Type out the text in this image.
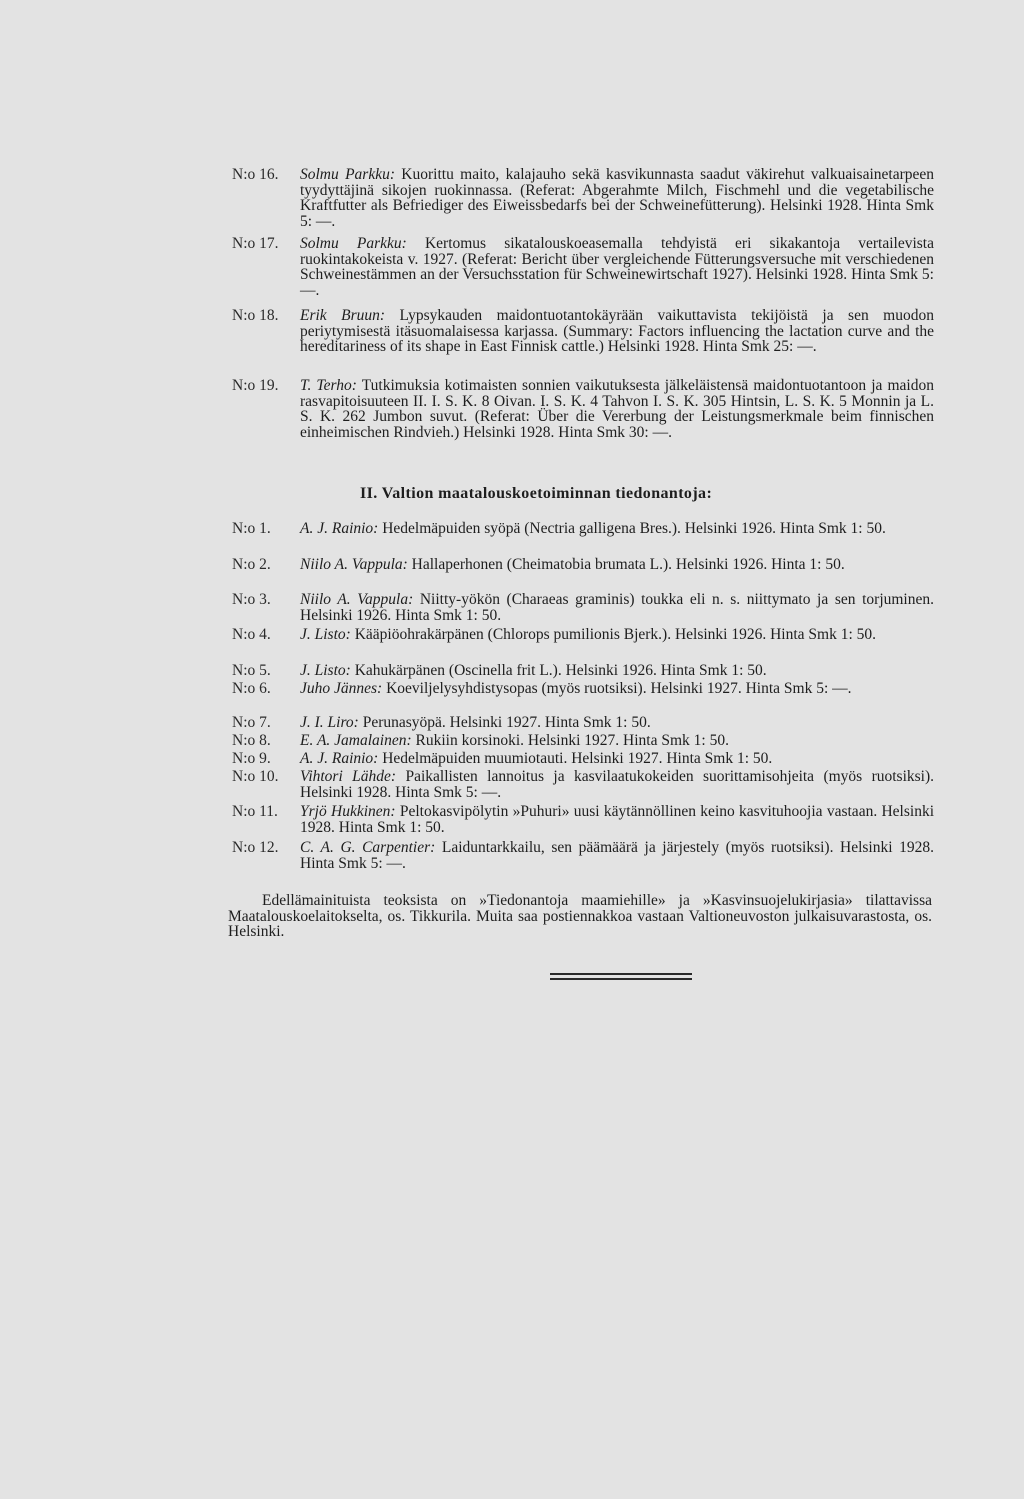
N:o 16.	Solmu Parkku: Kuorittu maito, kalajauho sekä kasvikunnasta saadut väkirehut valkuaisainetarpeen tyydyttäjinä sikojen ruokinnassa. (Referat: Abgerahmte Milch, Fischmehl und die vegetabilische Kraftfutter als Befriediger des Eiweissbedarfs bei der Schweinefütterung). Helsinki 1928. Hinta Smk 5: —.
N:o 17.	Solmu Parkku: Kertomus sikatalouskoeasemalla tehdyistä eri sikakantoja vertailevista ruokintakokeista v. 1927. (Referat: Bericht über vergleichende Fütterungsversuche mit verschiedenen Schweinestämmen an der Versuchsstation für Schweinewirtschaft 1927). Helsinki 1928. Hinta Smk 5: —.
N:o 18.	Erik Bruun: Lypsykauden maidontuotantokäyrään vaikuttavista tekijöistä ja sen muodon periytymisestä itäsuomalaisessa karjassa. (Summary: Factors influencing the lactation curve and the hereditariness of its shape in East Finnisk cattle.) Helsinki 1928. Hinta Smk 25: —.
N:o 19.	T. Terho: Tutkimuksia kotimaisten sonnien vaikutuksesta jälkeläistensä maidontuotantoon ja maidon rasvapitoisuuteen II. I. S. K. 8 Oivan. I. S. K. 4 Tahvon I. S. K. 305 Hintsin, L. S. K. 5 Monnin ja L. S. K. 262 Jumbon suvut. (Referat: Über die Vererbung der Leistungsmerkmale beim finnischen einheimischen Rindvieh.) Helsinki 1928. Hinta Smk 30: —.
II. Valtion maatalouskoetoiminnan tiedonantoja:
N:o 1.	A. J. Rainio: Hedelmäpuiden syöpä (Nectria galligena Bres.). Helsinki 1926. Hinta Smk 1: 50.
N:o 2.	Niilo A. Vappula: Hallaperhonen (Cheimatobia brumata L.). Helsinki 1926. Hinta 1: 50.
N:o 3.	Niilo A. Vappula: Niitty-yökön (Charaeas graminis) toukka eli n. s. niittymato ja sen torjuminen. Helsinki 1926. Hinta Smk 1: 50.
N:o 4.	J. Listo: Kääpiöohrakärpänen (Chlorops pumilionis Bjerk.). Helsinki 1926. Hinta Smk 1: 50.
N:o 5.	J. Listo: Kahukärpänen (Oscinella frit L.). Helsinki 1926. Hinta Smk 1: 50.
N:o 6.	Juho Jännes: Koeviljelysyhdistysopas (myös ruotsiksi). Helsinki 1927. Hinta Smk 5: —.
N:o 7.	J. I. Liro: Perunasyöpä. Helsinki 1927. Hinta Smk 1: 50.
N:o 8.	E. A. Jamalainen: Rukiin korsinoki. Helsinki 1927. Hinta Smk 1: 50.
N:o 9.	A. J. Rainio: Hedelmäpuiden muumiotauti. Helsinki 1927. Hinta Smk 1: 50.
N:o 10.	Vihtori Lähde: Paikallisten lannoitus ja kasvilaatukokeiden suorittamisohjeita (myös ruotsiksi). Helsinki 1928. Hinta Smk 5: —.
N:o 11.	Yrjö Hukkinen: Peltokasvipölytin »Puhuri» uusi käytännöllinen keino kasvituhoojia vastaan. Helsinki 1928. Hinta Smk 1: 50.
N:o 12.	C. A. G. Carpentier: Laiduntarkkailu, sen päämäärä ja järjestely (myös ruotsiksi). Helsinki 1928. Hinta Smk 5: —.
Edellämainituista teoksista on »Tiedonantoja maamiehille» ja »Kasvinsuojelukirjasia» tilattavissa Maatalouskoelaitokselta, os. Tikkurila. Muita saa postiennakkoa vastaan Valtioneuvoston julkaisuvarastosta, os. Helsinki.
